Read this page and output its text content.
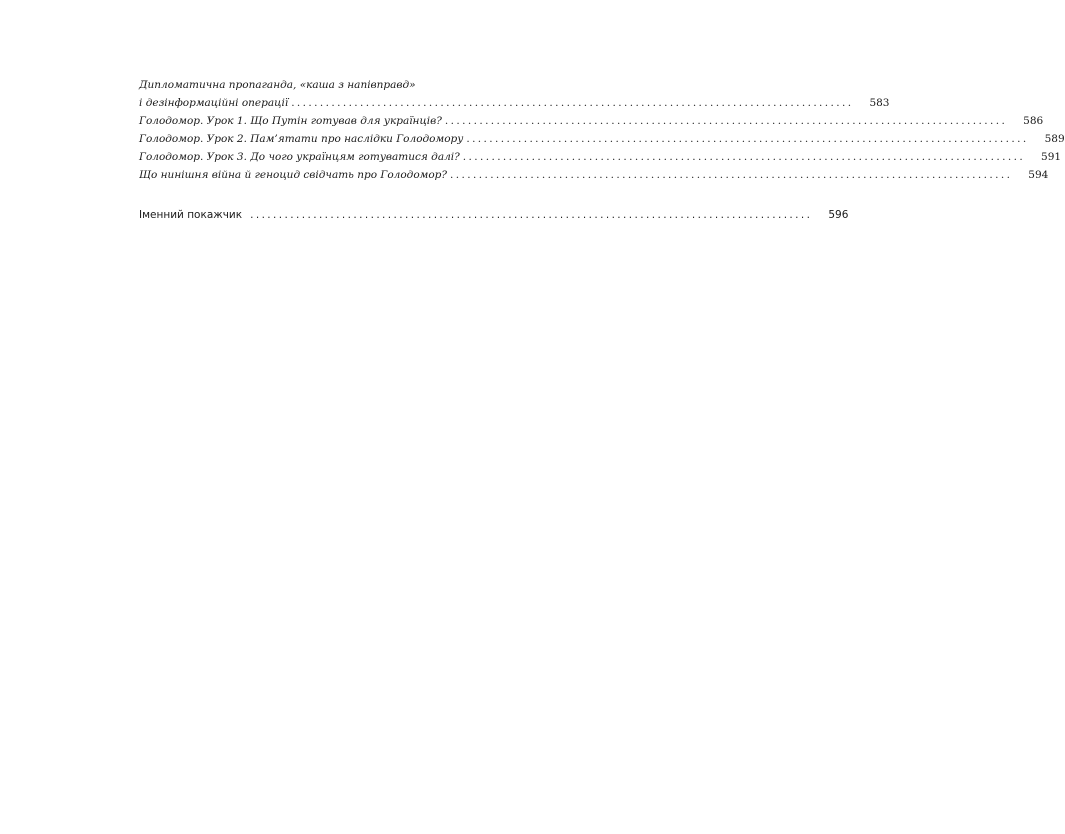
Дипломатична пропаганда, «каша з напівправд»
і дезінформаційні операції ..................................................................................................	583
Голодомор. Урок 1. Що Путін готував для українців? ..................................................................................................	586
Голодомор. Урок 2. Пам’ятати про наслідки Голодомору ..................................................................................................	589
Голодомор. Урок 3. До чого українцям готуватися далі? ..................................................................................................	591
Що нинішня війна й геноцид свідчать про Голодомор? ..................................................................................................	594
Іменний покажчик ..................................................................................................	596
